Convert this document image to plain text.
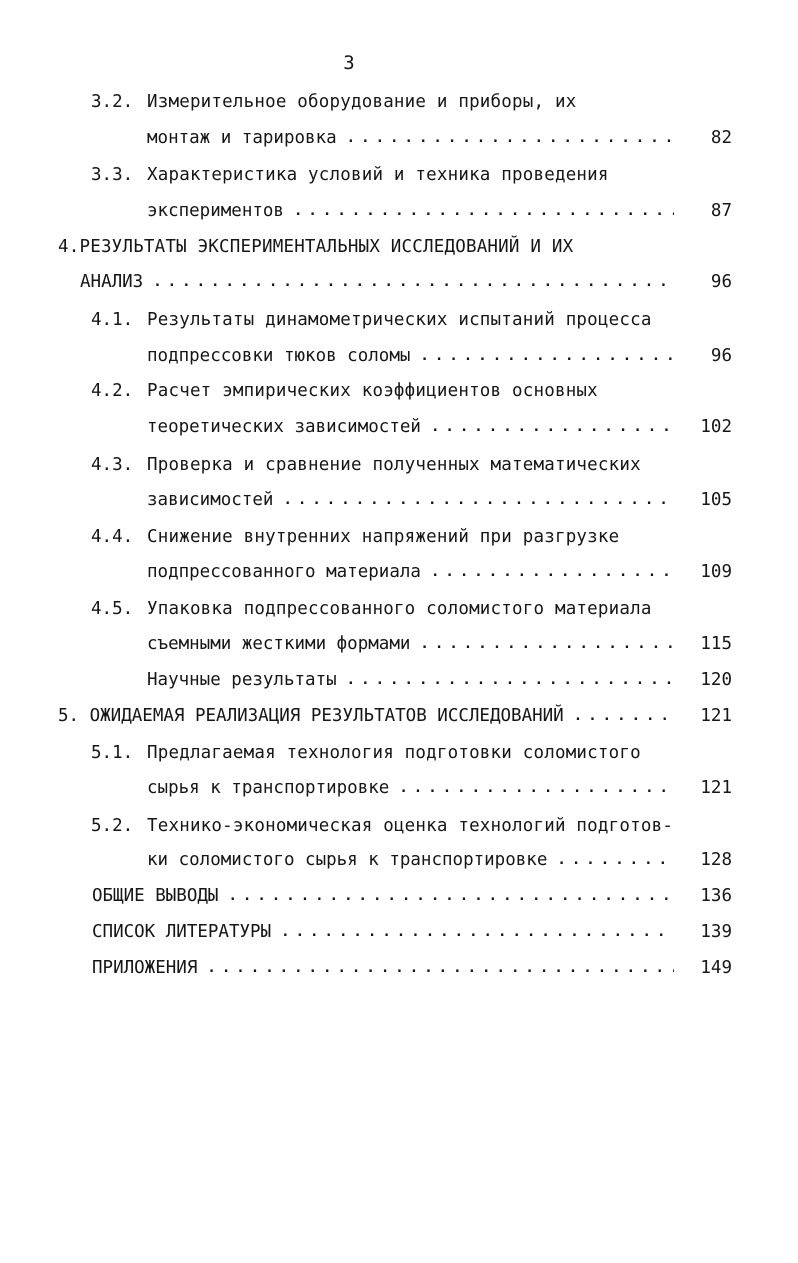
3
3.2. Измерительное оборудование и приборы, их
монтаж и тарировка . . .	82
3.3. Характеристика условий и техника проведения
экспериментов . . .	87
4.РЕЗУЛЬТАТЫ ЭКСПЕРИМЕНТАЛЬНЫХ ИССЛЕДОВАНИЙ И ИХ
АНАЛИЗ . . .	96
4.1. Результаты динамометрических испытаний процесса
подпрессовки тюков соломы . . .	96
4.2. Расчет эмпирических коэффициентов основных
теоретических зависимостей . . .	102
4.3. Проверка и сравнение полученных математических
зависимостей . . .	105
4.4. Снижение внутренних напряжений при разгрузке
подпрессованного материала . . .	109
4.5. Упаковка подпрессованного соломистого материала
съемными жесткими формами . . .	115
Научные результаты . . .	120
5. ОЖИДАЕМАЯ РЕАЛИЗАЦИЯ РЕЗУЛЬТАТОВ ИССЛЕДОВАНИЙ . . .	121
5.1. Предлагаемая технология подготовки соломистого
сырья к транспортировке . . .	121
5.2. Технико-экономическая оценка технологий подготов-
ки соломистого сырья к транспортировке . . .	128
ОБЩИЕ ВЫВОДЫ . . .	136
СПИСОК ЛИТЕРАТУРЫ . . .	139
ПРИЛОЖЕНИЯ . . .	149
